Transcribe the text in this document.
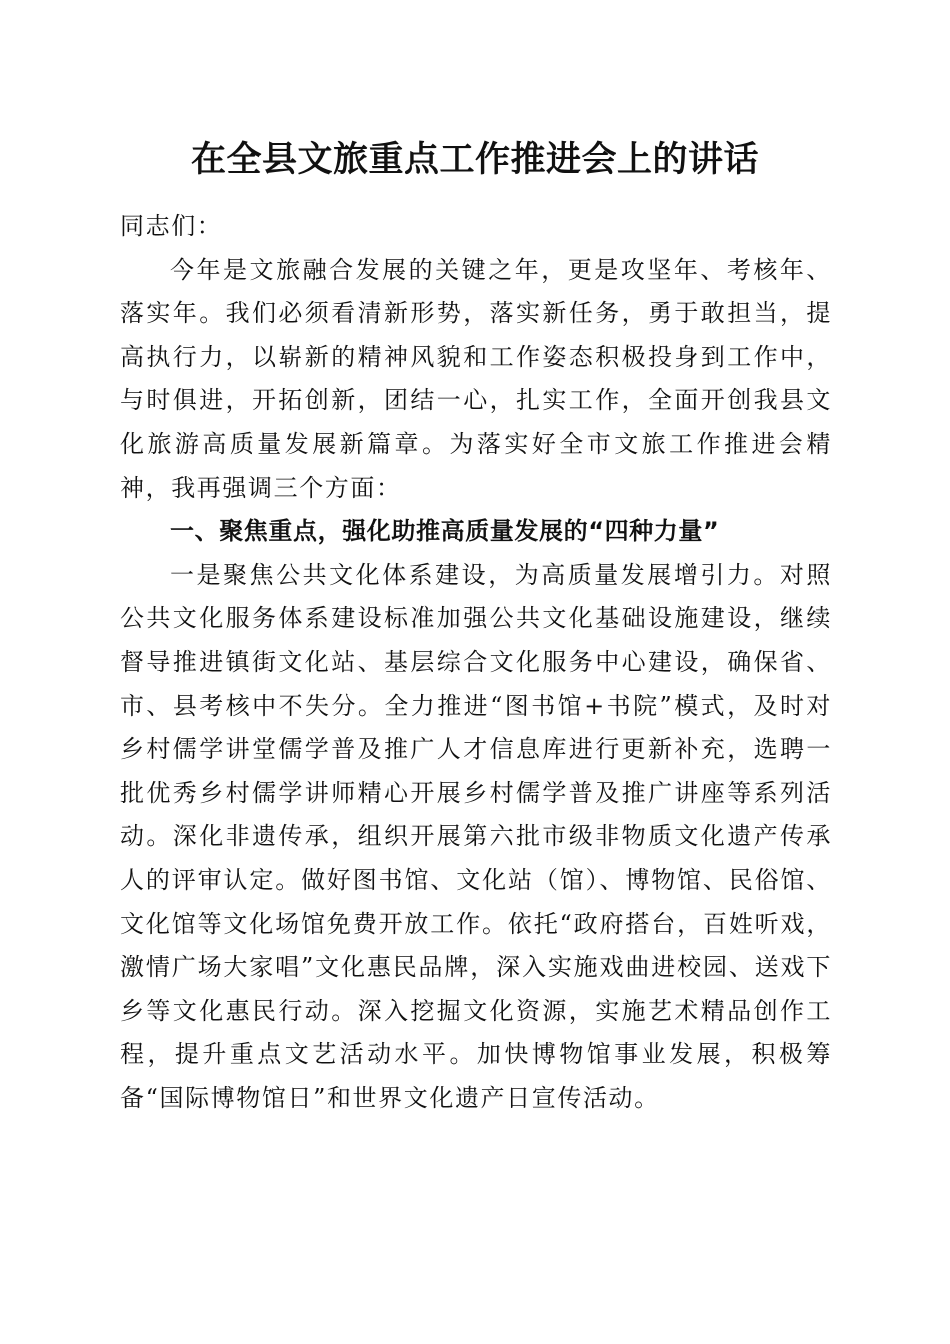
在全县文旅重点工作推进会上的讲话

同志们：

今年是文旅融合发展的关键之年，更是攻坚年、考核年、落实年。我们必须看清新形势，落实新任务，勇于敢担当，提高执行力，以崭新的精神风貌和工作姿态积极投身到工作中，与时俱进，开拓创新，团结一心，扎实工作，全面开创我县文化旅游高质量发展新篇章。为落实好全市文旅工作推进会精神，我再强调三个方面：

一、聚焦重点，强化助推高质量发展的“四种力量”

一是聚焦公共文化体系建设，为高质量发展增引力。对照公共文化服务体系建设标准加强公共文化基础设施建设，继续督导推进镇街文化站、基层综合文化服务中心建设，确保省、市、县考核中不失分。全力推进“图书馆+书院”模式，及时对乡村儒学讲堂儒学普及推广人才信息库进行更新补充，选聘一批优秀乡村儒学讲师精心开展乡村儒学普及推广讲座等系列活动。深化非遗传承，组织开展第六批市级非物质文化遗产传承人的评审认定。做好图书馆、文化站（馆）、博物馆、民俗馆、文化馆等文化场馆免费开放工作。依托“政府搭台，百姓听戏，激情广场大家唱”文化惠民品牌，深入实施戏曲进校园、送戏下乡等文化惠民行动。深入挖掘文化资源，实施艺术精品创作工程，提升重点文艺活动水平。加快博物馆事业发展，积极筹备“国际博物馆日”和世界文化遗产日宣传活动。
